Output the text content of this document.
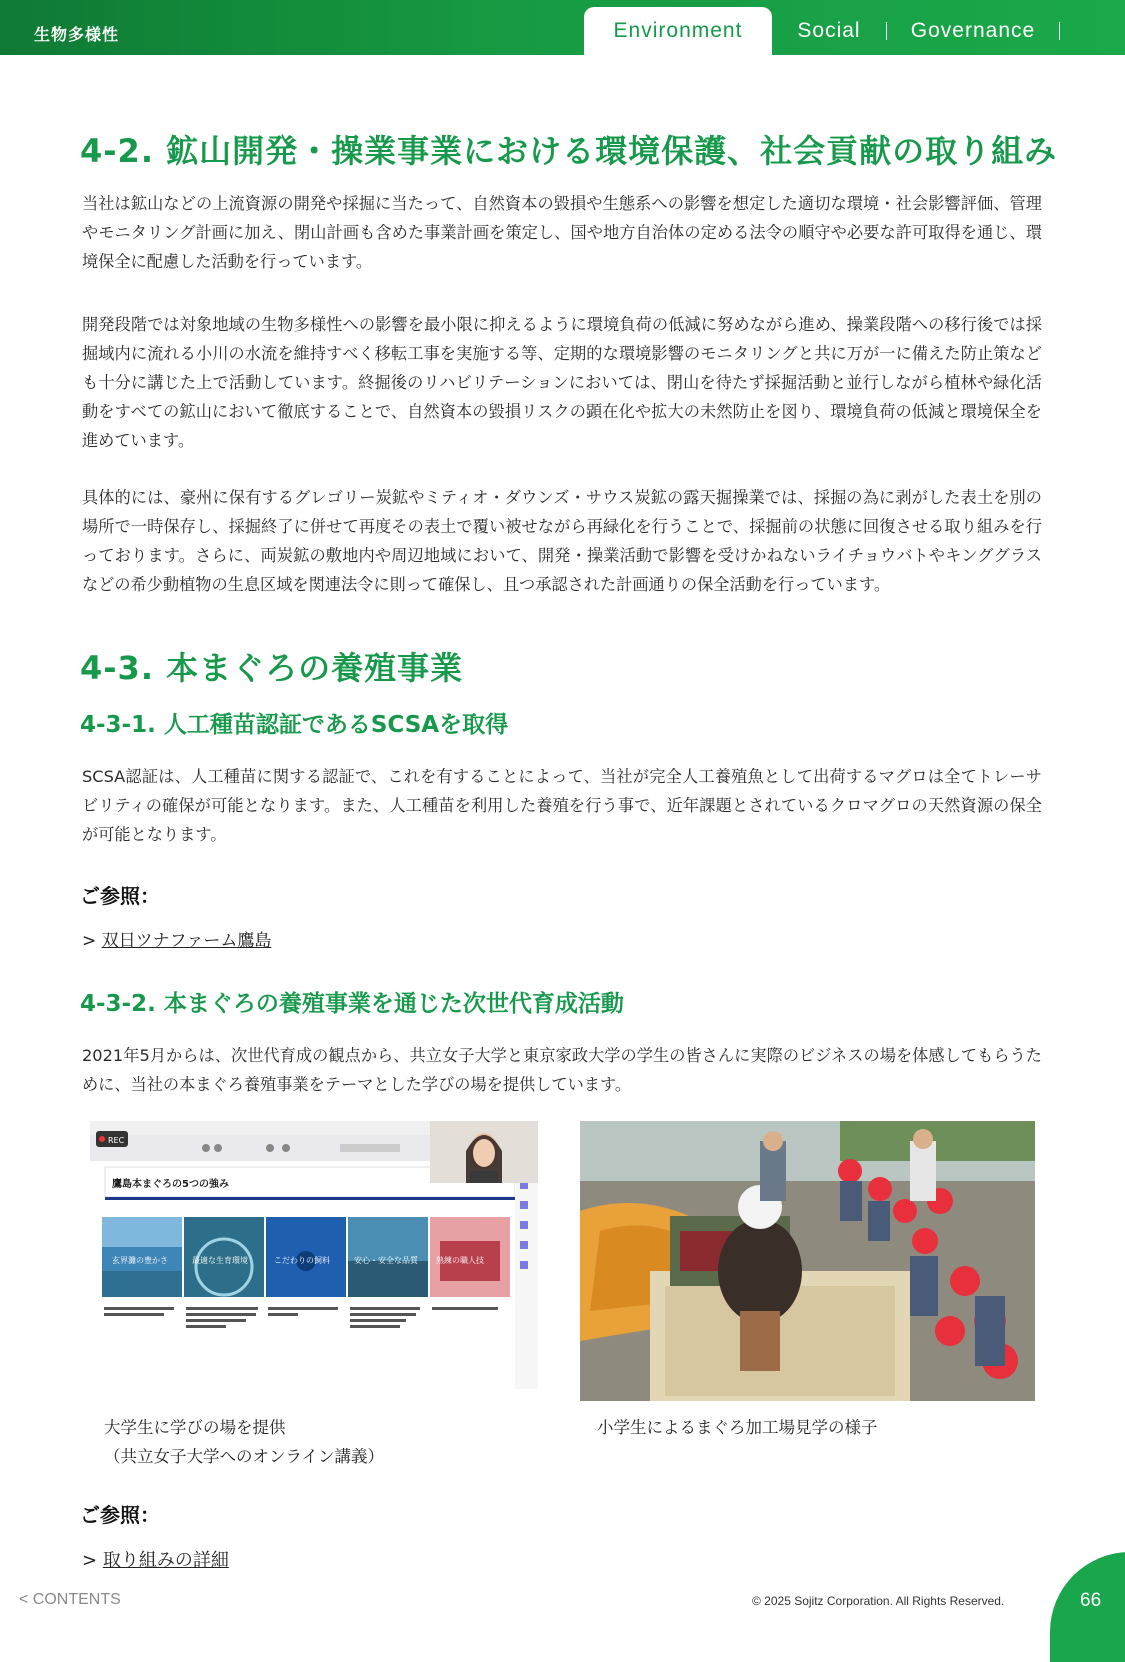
生物多様性	Environment	Social	Governance
4-2. 鉱山開発・操業事業における環境保護、社会貢献の取り組み

当社は鉱山などの上流資源の開発や採掘に当たって、自然資本の毀損や生態系への影響を想定した適切な環境・社会影響評価、管理やモニタリング計画に加え、閉山計画も含めた事業計画を策定し、国や地方自治体の定める法令の順守や必要な許可取得を通じ、環境保全に配慮した活動を行っています。

開発段階では対象地域の生物多様性への影響を最小限に抑えるように環境負荷の低減に努めながら進め、操業段階への移行後では採掘域内に流れる小川の水流を維持すべく移転工事を実施する等、定期的な環境影響のモニタリングと共に万が一に備えた防止策なども十分に講じた上で活動しています。終掘後のリハビリテーションにおいては、閉山を待たず採掘活動と並行しながら植林や緑化活動をすべての鉱山において徹底することで、自然資本の毀損リスクの顕在化や拡大の未然防止を図り、環境負荷の低減と環境保全を進めています。

具体的には、豪州に保有するグレゴリー炭鉱やミティオ・ダウンズ・サウス炭鉱の露天掘操業では、採掘の為に剥がした表土を別の場所で一時保存し、採掘終了に併せて再度その表土で覆い被せながら再緑化を行うことで、採掘前の状態に回復させる取り組みを行っております。さらに、両炭鉱の敷地内や周辺地域において、開発・操業活動で影響を受けかねないライチョウバトやキンググラスなどの希少動植物の生息区域を関連法令に則って確保し、且つ承認された計画通りの保全活動を行っています。

4-3. 本まぐろの養殖事業
4-3-1. 人工種苗認証であるSCSAを取得

SCSA認証は、人工種苗に関する認証で、これを有することによって、当社が完全人工養殖魚として出荷するマグロは全てトレーサビリティの確保が可能となります。また、人工種苗を利用した養殖を行う事で、近年課題とされているクロマグロの天然資源の保全が可能となります。

ご参照：
> 双日ツナファーム鷹島
4-3-2. 本まぐろの養殖事業を通じた次世代育成活動

2021年5月からは、次世代育成の観点から、共立女子大学と東京家政大学の学生の皆さんに実際のビジネスの場を体感してもらうために、当社の本まぐろ養殖事業をテーマとした学びの場を提供しています。

REC
鷹島本まぐろの5つの強み
玄界灘の豊かさ	最適な生育環境	こだわりの飼料	安心・安全な品質 熟練の職人技
大学生に学びの場を提供
（共立女子大学へのオンライン講義）
小学生によるまぐろ加工場見学の様子
ご参照：
> 取り組みの詳細
< CONTENTS	© 2025 Sojitz Corporation. All Rights Reserved.	66
